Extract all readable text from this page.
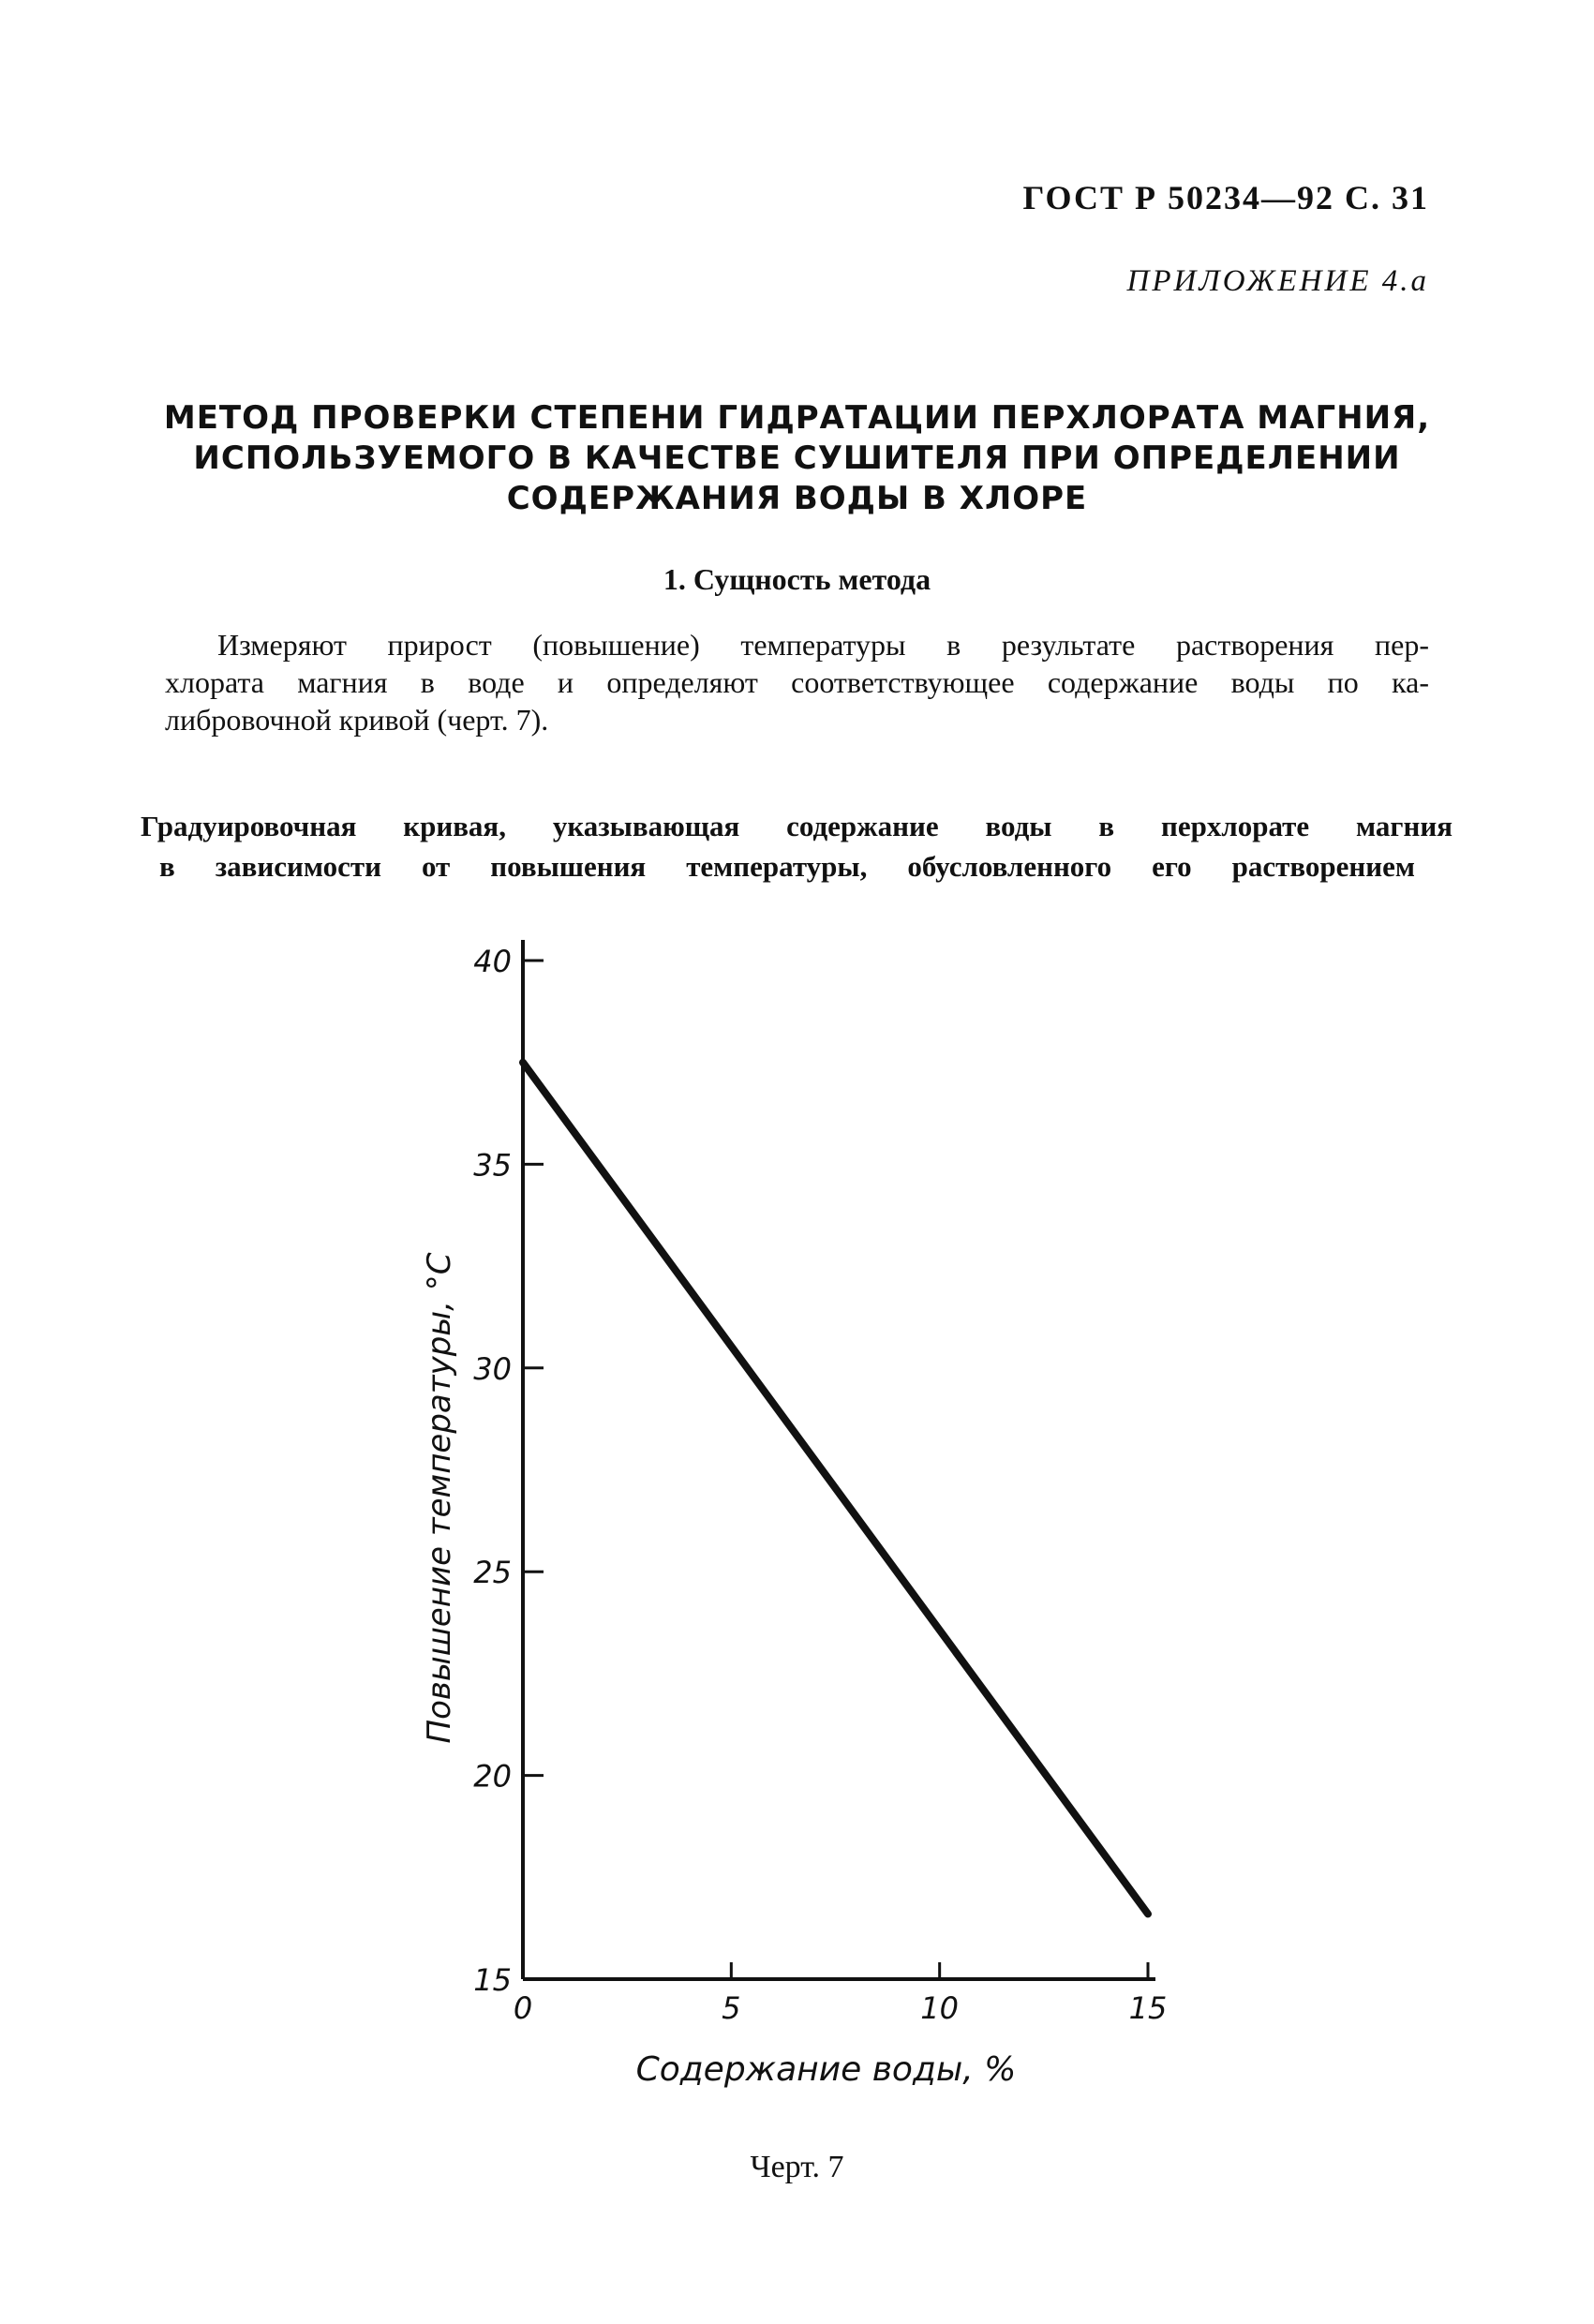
ГОСТ Р 50234—92 С. 31
ПРИЛОЖЕНИЕ 4.а
МЕТОД ПРОВЕРКИ СТЕПЕНИ ГИДРАТАЦИИ ПЕРХЛОРАТА МАГНИЯ,
ИСПОЛЬЗУЕМОГО В КАЧЕСТВЕ СУШИТЕЛЯ ПРИ ОПРЕДЕЛЕНИИ
СОДЕРЖАНИЯ ВОДЫ В ХЛОРЕ
1. Сущность метода
Измеряют прирост (повышение) температуры в результате растворения пер-
хлората магния в воде и определяют соответствующее содержание воды по ка-
либровочной кривой (черт. 7).
Градуировочная кривая, указывающая содержание воды в перхлорате магния
в зависимости от повышения температуры, обусловленного его растворением
15
20
25
30
35
40
0	5	10	15
Повышение температуры, °С
Содержание воды, %
Черт. 7
